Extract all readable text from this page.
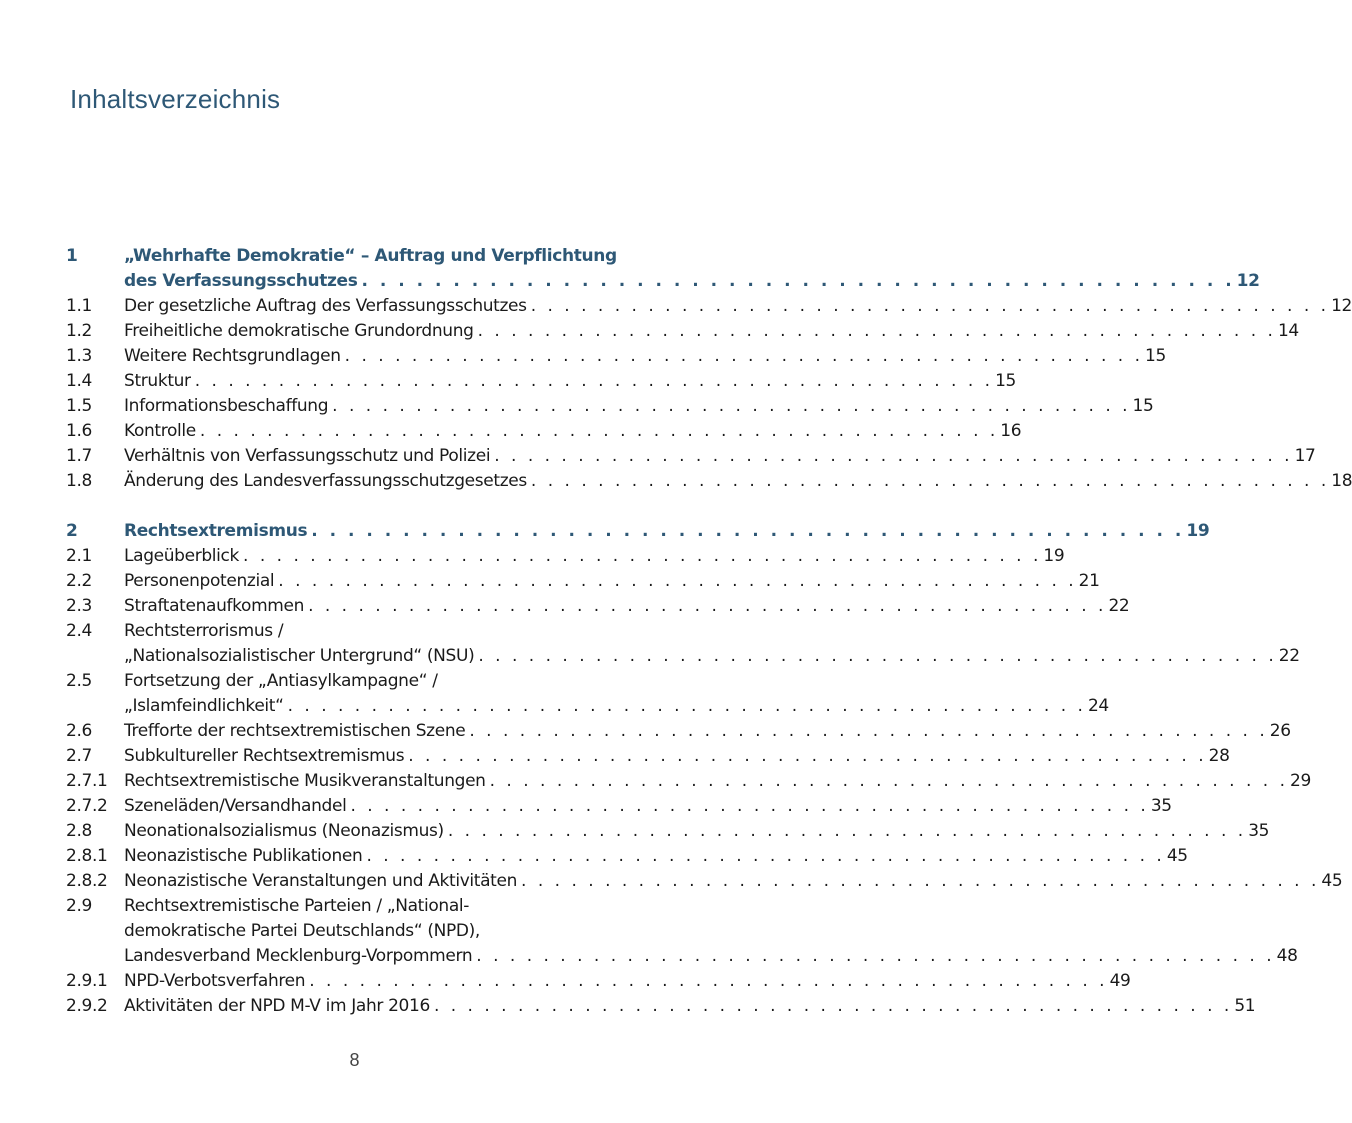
Inhaltsverzeichnis
1	„Wehrhafte Demokratie“ – Auftrag und Verpflichtung
des Verfassungsschutzes . . . . . . . . . . . . . . . . . . . . . . . . . . . . . . . . . . . . . . . . . . . . . . . . 12
1.1	Der gesetzliche Auftrag des Verfassungsschutzes . . . . . . . . . . . . . . . . . . . . . . . . . . . . . . . . . . . . . . . . . . . . . . . . 12
1.2	Freiheitliche demokratische Grundordnung . . . . . . . . . . . . . . . . . . . . . . . . . . . . . . . . . . . . . . . . . . . . . . . . 14
1.3	Weitere Rechtsgrundlagen . . . . . . . . . . . . . . . . . . . . . . . . . . . . . . . . . . . . . . . . . . . . . . . . 15
1.4	Struktur . . . . . . . . . . . . . . . . . . . . . . . . . . . . . . . . . . . . . . . . . . . . . . . . 15
1.5	Informationsbeschaffung . . . . . . . . . . . . . . . . . . . . . . . . . . . . . . . . . . . . . . . . . . . . . . . . 15
1.6	Kontrolle . . . . . . . . . . . . . . . . . . . . . . . . . . . . . . . . . . . . . . . . . . . . . . . . 16
1.7	Verhältnis von Verfassungsschutz und Polizei . . . . . . . . . . . . . . . . . . . . . . . . . . . . . . . . . . . . . . . . . . . . . . . . 17
1.8	Änderung des Landesverfassungsschutzgesetzes . . . . . . . . . . . . . . . . . . . . . . . . . . . . . . . . . . . . . . . . . . . . . . . . 18
2	Rechtsextremismus . . . . . . . . . . . . . . . . . . . . . . . . . . . . . . . . . . . . . . . . . . . . . . . . 19
2.1	Lageüberblick . . . . . . . . . . . . . . . . . . . . . . . . . . . . . . . . . . . . . . . . . . . . . . . . 19
2.2	Personenpotenzial . . . . . . . . . . . . . . . . . . . . . . . . . . . . . . . . . . . . . . . . . . . . . . . . 21
2.3	Straftatenaufkommen . . . . . . . . . . . . . . . . . . . . . . . . . . . . . . . . . . . . . . . . . . . . . . . . 22
2.4	Rechtsterrorismus /
„Nationalsozialistischer Untergrund“ (NSU) . . . . . . . . . . . . . . . . . . . . . . . . . . . . . . . . . . . . . . . . . . . . . . . . 22
2.5	Fortsetzung der „Antiasylkampagne“ /
„Islamfeindlichkeit“ . . . . . . . . . . . . . . . . . . . . . . . . . . . . . . . . . . . . . . . . . . . . . . . . 24
2.6	Trefforte der rechtsextremistischen Szene . . . . . . . . . . . . . . . . . . . . . . . . . . . . . . . . . . . . . . . . . . . . . . . . 26
2.7	Subkultureller Rechtsextremismus . . . . . . . . . . . . . . . . . . . . . . . . . . . . . . . . . . . . . . . . . . . . . . . . 28
2.7.1 Rechtsextremistische Musikveranstaltungen . . . . . . . . . . . . . . . . . . . . . . . . . . . . . . . . . . . . . . . . . . . . . . . . 29
2.7.2 Szeneläden/Versandhandel . . . . . . . . . . . . . . . . . . . . . . . . . . . . . . . . . . . . . . . . . . . . . . . . 35
2.8	Neonationalsozialismus (Neonazismus) . . . . . . . . . . . . . . . . . . . . . . . . . . . . . . . . . . . . . . . . . . . . . . . . 35
2.8.1 Neonazistische Publikationen . . . . . . . . . . . . . . . . . . . . . . . . . . . . . . . . . . . . . . . . . . . . . . . . 45
2.8.2 Neonazistische Veranstaltungen und Aktivitäten . . . . . . . . . . . . . . . . . . . . . . . . . . . . . . . . . . . . . . . . . . . . . . . . 45
2.9	Rechtsextremistische Parteien / „National-
demokratische Partei Deutschlands“ (NPD),
Landesverband Mecklenburg-Vorpommern . . . . . . . . . . . . . . . . . . . . . . . . . . . . . . . . . . . . . . . . . . . . . . . . 48
2.9.1 NPD-Verbotsverfahren . . . . . . . . . . . . . . . . . . . . . . . . . . . . . . . . . . . . . . . . . . . . . . . . 49
2.9.2 Aktivitäten der NPD M-V im Jahr 2016 . . . . . . . . . . . . . . . . . . . . . . . . . . . . . . . . . . . . . . . . . . . . . . . . 51
8
